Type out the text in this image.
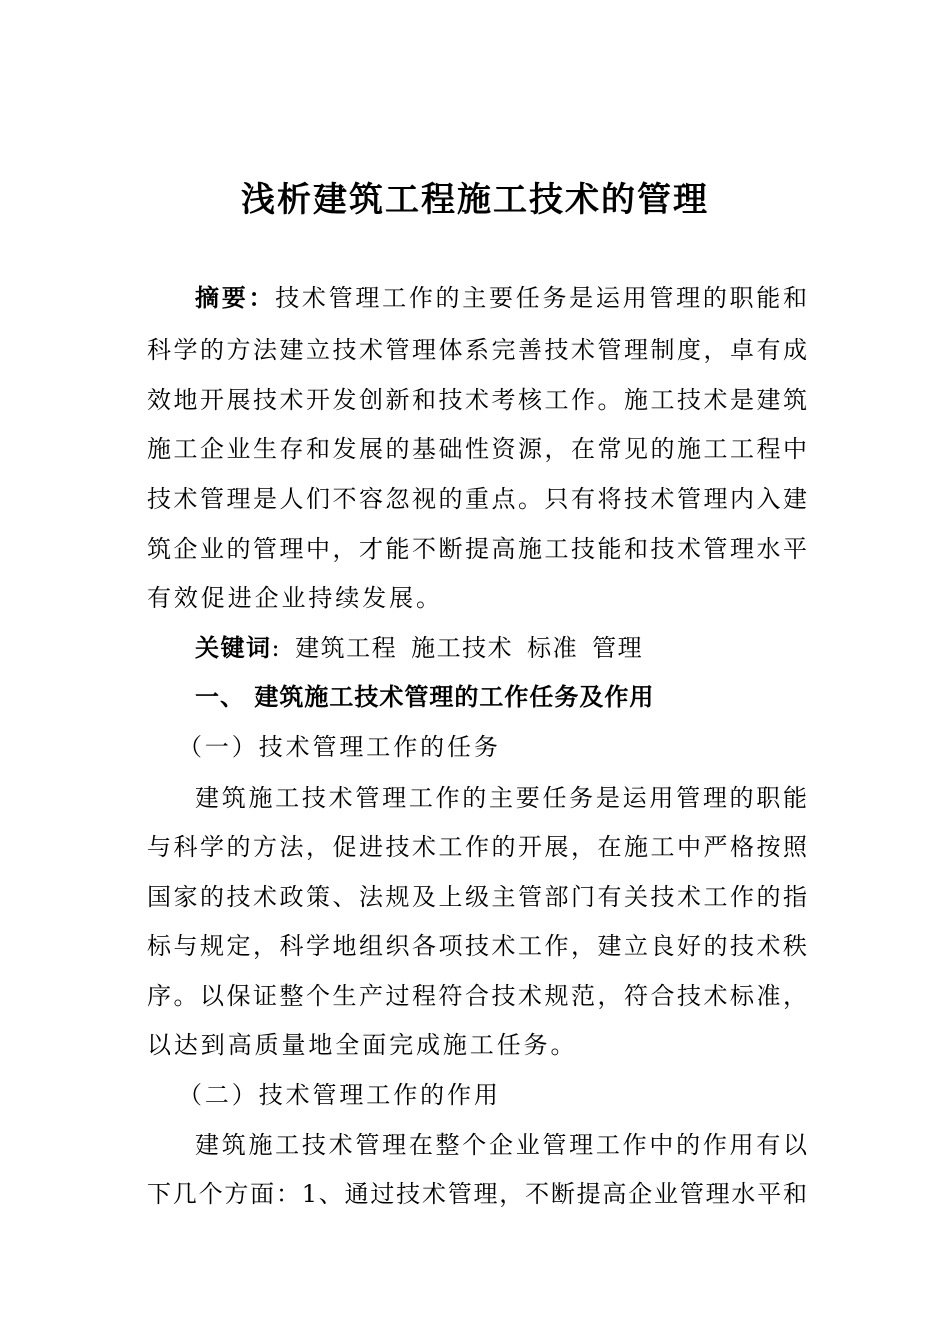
浅析建筑工程施工技术的管理
摘要：技术管理工作的主要任务是运用管理的职能和
科学的方法建立技术管理体系完善技术管理制度，卓有成
效地开展技术开发创新和技术考核工作。施工技术是建筑
施工企业生存和发展的基础性资源，在常见的施工工程中
技术管理是人们不容忽视的重点。只有将技术管理内入建
筑企业的管理中，才能不断提高施工技能和技术管理水平
有效促进企业持续发展。
关键词: 建筑工程 施工技术 标准 管理
一、 建筑施工技术管理的工作任务及作用
（一）技术管理工作的任务
建筑施工技术管理工作的主要任务是运用管理的职能
与科学的方法，促进技术工作的开展，在施工中严格按照
国家的技术政策、法规及上级主管部门有关技术工作的指
标与规定，科学地组织各项技术工作，建立良好的技术秩
序。以保证整个生产过程符合技术规范，符合技术标准，
以达到高质量地全面完成施工任务。
（二）技术管理工作的作用
建筑施工技术管理在整个企业管理工作中的作用有以
下几个方面：1、通过技术管理，不断提高企业管理水平和
